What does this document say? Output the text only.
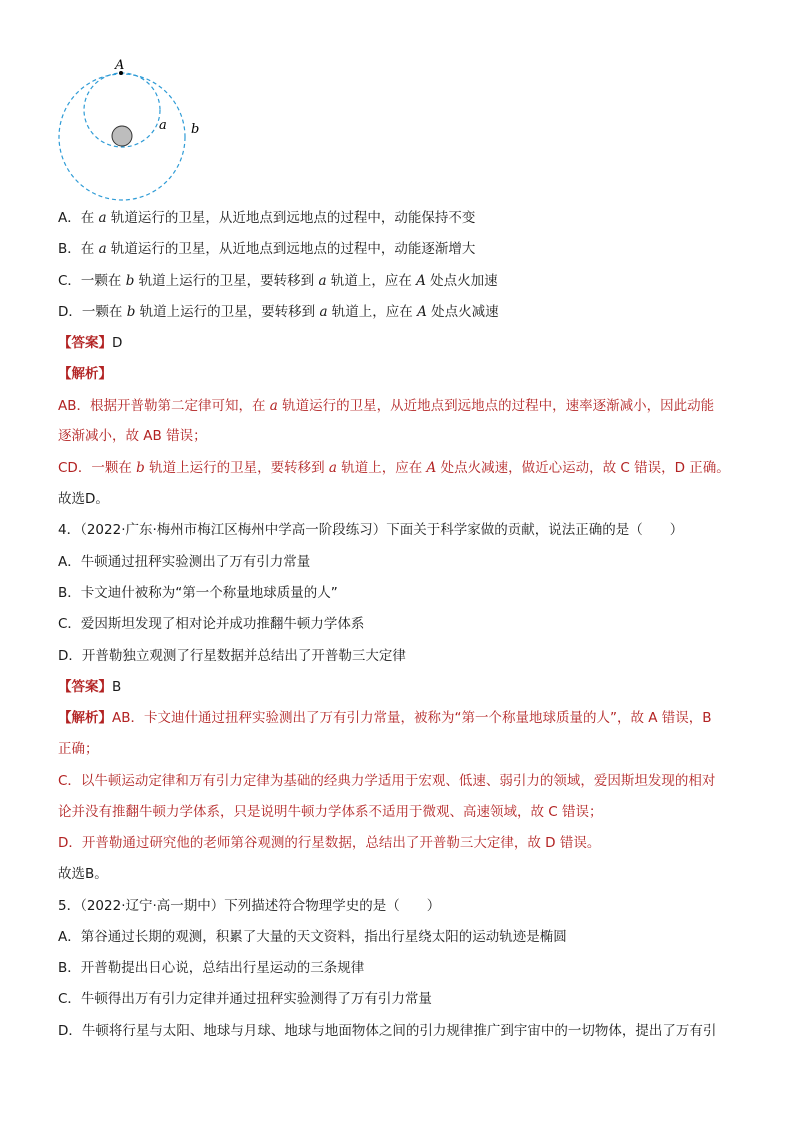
A
a b
A．在 a 轨道运行的卫星，从近地点到远地点的过程中，动能保持不变
B．在 a 轨道运行的卫星，从近地点到远地点的过程中，动能逐渐增大
C．一颗在 b 轨道上运行的卫星，要转移到 a 轨道上，应在 A 处点火加速
D．一颗在 b 轨道上运行的卫星，要转移到 a 轨道上，应在 A 处点火减速
【答案】D
【解析】
AB．根据开普勒第二定律可知，在 a 轨道运行的卫星，从近地点到远地点的过程中，速率逐渐减小，因此动能
逐渐减小，故 AB 错误；
CD．一颗在 b 轨道上运行的卫星，要转移到 a 轨道上，应在 A 处点火减速，做近心运动，故 C 错误，D 正确。
故选D。
4．（2022·广东·梅州市梅江区梅州中学高一阶段练习）下面关于科学家做的贡献，说法正确的是（　　）
A．牛顿通过扭秤实验测出了万有引力常量
B．卡文迪什被称为“第一个称量地球质量的人”
C．爱因斯坦发现了相对论并成功推翻牛顿力学体系
D．开普勒独立观测了行星数据并总结出了开普勒三大定律
【答案】B
【解析】AB．卡文迪什通过扭秤实验测出了万有引力常量，被称为“第一个称量地球质量的人”，故 A 错误，B
正确；
C．以牛顿运动定律和万有引力定律为基础的经典力学适用于宏观、低速、弱引力的领域，爱因斯坦发现的相对
论并没有推翻牛顿力学体系，只是说明牛顿力学体系不适用于微观、高速领域，故 C 错误；
D．开普勒通过研究他的老师第谷观测的行星数据，总结出了开普勒三大定律，故 D 错误。
故选B。
5．（2022·辽宁·高一期中）下列描述符合物理学史的是（　　）
A．第谷通过长期的观测，积累了大量的天文资料，指出行星绕太阳的运动轨迹是椭圆
B．开普勒提出日心说，总结出行星运动的三条规律
C．牛顿得出万有引力定律并通过扭秤实验测得了万有引力常量
D．牛顿将行星与太阳、地球与月球、地球与地面物体之间的引力规律推广到宇宙中的一切物体，提出了万有引
